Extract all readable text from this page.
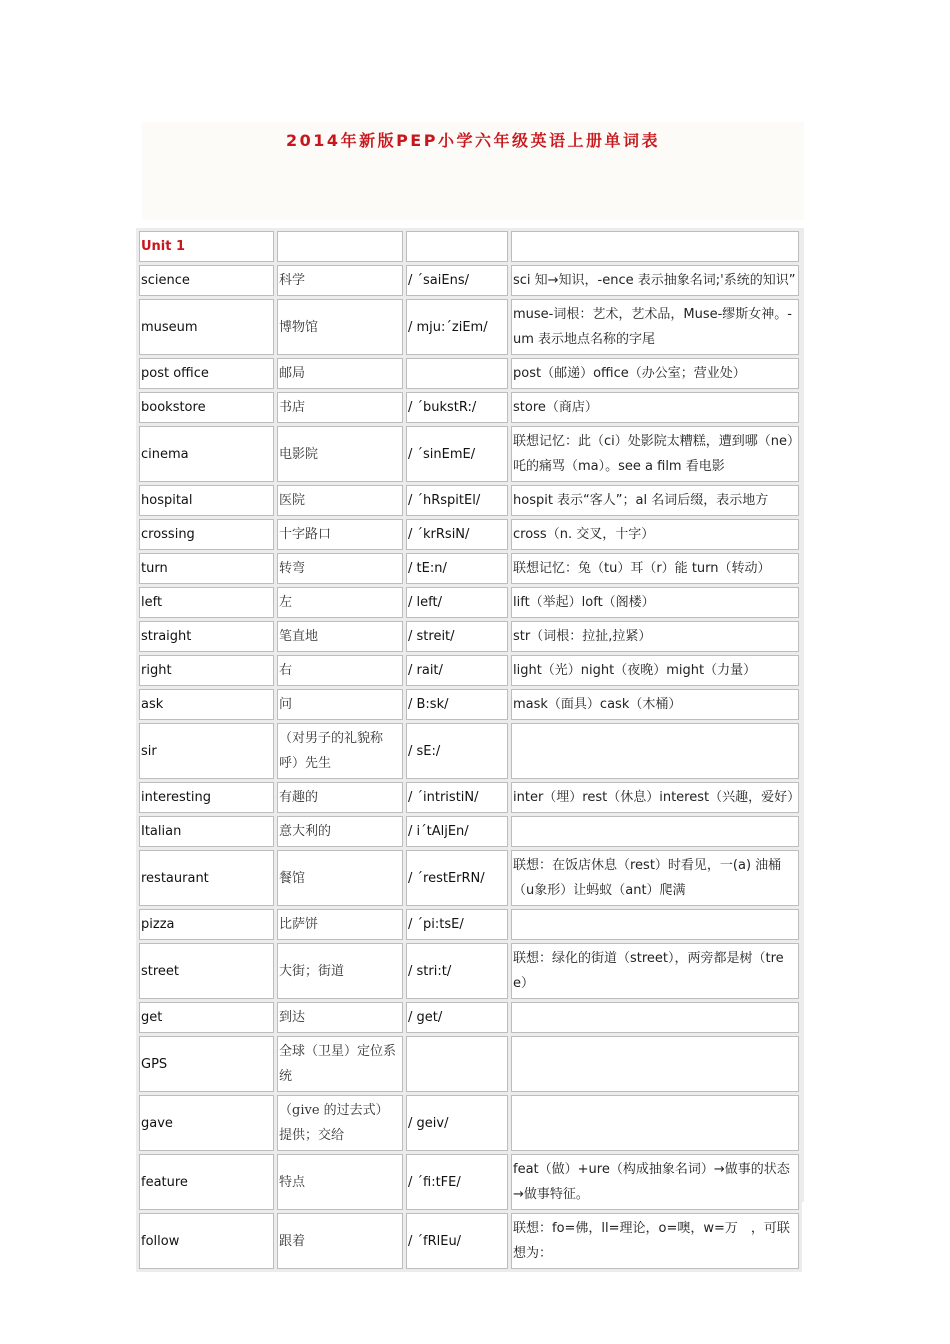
2014年新版PEP小学六年级英语上册单词表
Unit 1			
science	科学	/ ´saiEns/	sci 知→知识，-ence 表示抽象名词;'系统的知识”
museum	博物馆	/ mju:´ziEm/	muse-词根：艺术，艺术品，Muse-缪斯女神。-um 表示地点名称的字尾
post office	邮局		post（邮递）office（办公室；营业处）
bookstore	书店	/ ´bukstR:/	store（商店）
cinema	电影院	/ ´sinEmE/	联想记忆：此（ci）处影院太糟糕，遭到哪（ne）吒的痛骂（ma）。see a film 看电影
hospital	医院	/ ´hRspitEl/	hospit 表示“客人”；al 名词后缀，表示地方
crossing	十字路口	/ ´krRsiN/	cross（n. 交叉，十字）
turn	转弯	/ tE:n/	联想记忆：兔（tu）耳（r）能 turn（转动）
left	左	/ left/	lift（举起）loft（阁楼）
straight	笔直地	/ streit/	str（词根：拉扯,拉紧）
right	右	/ rait/	light（光）night（夜晚）might（力量）
ask	问	/ B:sk/	mask（面具）cask（木桶）
sir	（对男子的礼貌称呼）先生	/ sE:/	
interesting	有趣的	/ ´intristiN/	inter（埋）rest（休息）interest（兴趣，爱好）
Italian	意大利的	/ i´tAljEn/	
restaurant	餐馆	/ ´restErRN/	联想：在饭店休息（rest）时看见，一(a) 油桶（u象形）让蚂蚁（ant）爬满
pizza	比萨饼	/ ´pi:tsE/	
street	大街；街道	/ stri:t/	联想：绿化的街道（street），两旁都是树（tree）
get	到达	/ get/	
GPS	全球（卫星）定位系统		
gave	（give 的过去式）提供；交给	/ geiv/	
feature	特点	/ ´fi:tFE/	feat（做）+ure（构成抽象名词）→做事的状态→做事特征。
follow	跟着	/ ´fRlEu/	联想：fo=佛，ll=理论，o=噢，w=万　，可联想为：
